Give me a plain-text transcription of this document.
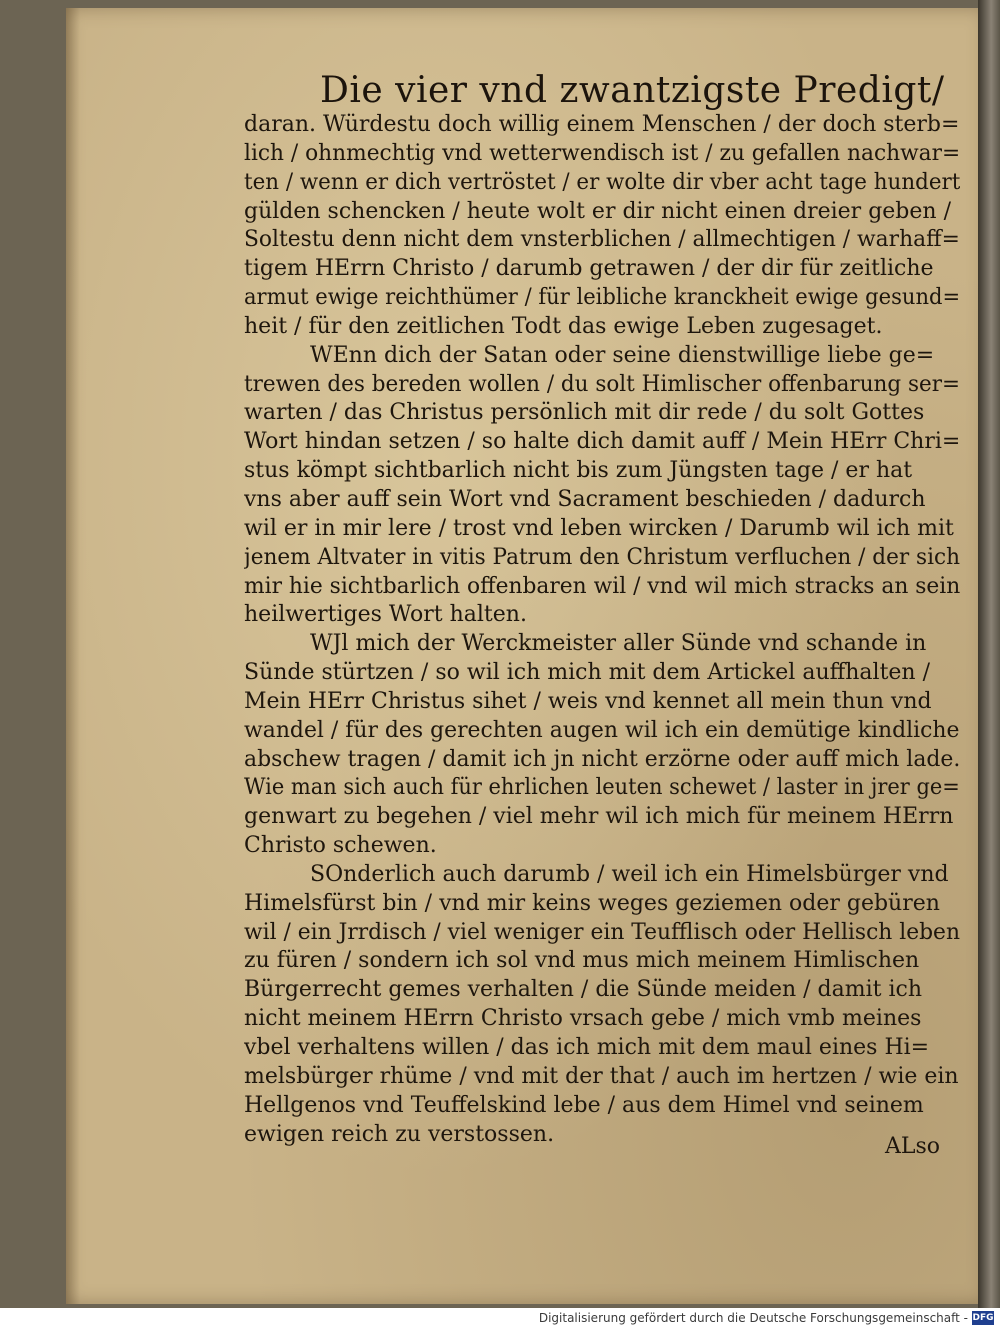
Die vier vnd zwantzigste Predigt/
daran. Würdestu doch willig einem Menschen / der doch sterb=
lich / ohnmechtig vnd wetterwendisch ist / zu gefallen nachwar=
ten / wenn er dich vertröstet / er wolte dir vber acht tage hundert
gülden schencken / heute wolt er dir nicht einen dreier geben /
Soltestu denn nicht dem vnsterblichen / allmechtigen / warhaff=
tigem HErrn Christo / darumb getrawen / der dir für zeitliche
armut ewige reichthümer / für leibliche kranckheit ewige gesund=
heit / für den zeitlichen Todt das ewige Leben zugesaget.
WEnn dich der Satan oder seine dienstwillige liebe ge=
trewen des bereden wollen / du solt Himlischer offenbarung ser=
warten / das Christus persönlich mit dir rede / du solt Gottes
Wort hindan setzen / so halte dich damit auff / Mein HErr Chri=
stus kömpt sichtbarlich nicht bis zum Jüngsten tage / er hat
vns aber auff sein Wort vnd Sacrament beschieden / dadurch
wil er in mir lere / trost vnd leben wircken / Darumb wil ich mit
jenem Altvater in vitis Patrum den Christum verfluchen / der sich
mir hie sichtbarlich offenbaren wil / vnd wil mich stracks an sein
heilwertiges Wort halten.
WJl mich der Werckmeister aller Sünde vnd schande in
Sünde stürtzen / so wil ich mich mit dem Artickel auffhalten /
Mein HErr Christus sihet / weis vnd kennet all mein thun vnd
wandel / für des gerechten augen wil ich ein demütige kindliche
abschew tragen / damit ich jn nicht erzörne oder auff mich lade.
Wie man sich auch für ehrlichen leuten schewet / laster in jrer ge=
genwart zu begehen / viel mehr wil ich mich für meinem HErrn
Christo schewen.
SOnderlich auch darumb / weil ich ein Himelsbürger vnd
Himelsfürst bin / vnd mir keins weges geziemen oder gebüren
wil / ein Jrrdisch / viel weniger ein Teufflisch oder Hellisch leben
zu füren / sondern ich sol vnd mus mich meinem Himlischen
Bürgerrecht gemes verhalten / die Sünde meiden / damit ich
nicht meinem HErrn Christo vrsach gebe / mich vmb meines
vbel verhaltens willen / das ich mich mit dem maul eines Hi=
melsbürger rhüme / vnd mit der that / auch im hertzen / wie ein
Hellgenos vnd Teuffelskind lebe / aus dem Himel vnd seinem
ewigen reich zu verstossen.	ALso
Digitalisierung gefördert durch die Deutsche Forschungsgemeinschaft - DFG
